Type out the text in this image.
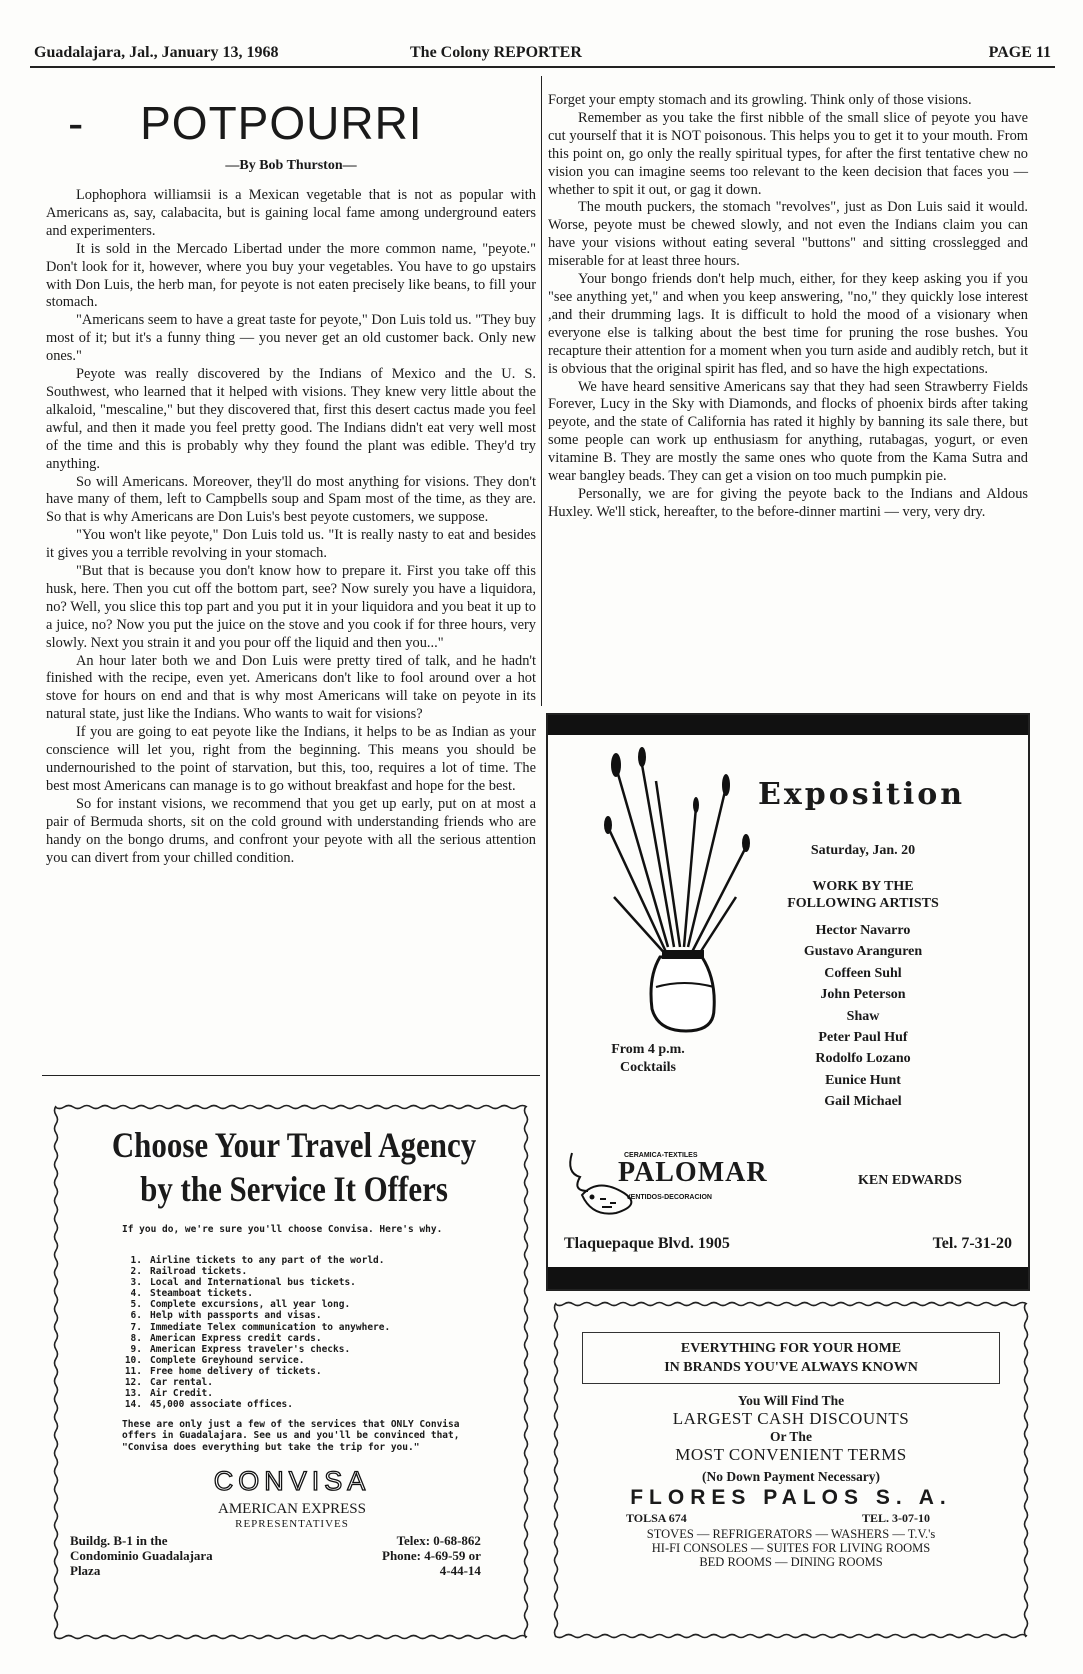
Guadalajara, Jal., January 13, 1968	The Colony REPORTER	PAGE 11
- POTPOURRI
—By Bob Thurston—

Lophophora williamsii is a Mexican vegetable that is not as popular with Americans as, say, calabacita, but is gaining local fame among underground eaters and experimenters.

It is sold in the Mercado Libertad under the more common name, "peyote." Don't look for it, however, where you buy your vegetables. You have to go upstairs with Don Luis, the herb man, for peyote is not eaten precisely like beans, to fill your stomach.

"Americans seem to have a great taste for peyote," Don Luis told us. "They buy most of it; but it's a funny thing — you never get an old customer back. Only new ones."

Peyote was really discovered by the Indians of Mexico and the U. S. Southwest, who learned that it helped with visions. They knew very little about the alkaloid, "mescaline," but they discovered that, first this desert cactus made you feel awful, and then it made you feel pretty good. The Indians didn't eat very well most of the time and this is probably why they found the plant was edible. They'd try anything.

So will Americans. Moreover, they'll do most anything for visions. They don't have many of them, left to Campbells soup and Spam most of the time, as they are. So that is why Americans are Don Luis's best peyote customers, we suppose.

"You won't like peyote," Don Luis told us. "It is really nasty to eat and besides it gives you a terrible revolving in your stomach.

"But that is because you don't know how to prepare it. First you take off this husk, here. Then you cut off the bottom part, see? Now surely you have a liquidora, no? Well, you slice this top part and you put it in your liquidora and you beat it up to a juice, no? Now you put the juice on the stove and you cook if for three hours, very slowly. Next you strain it and you pour off the liquid and then you..."

An hour later both we and Don Luis were pretty tired of talk, and he hadn't finished with the recipe, even yet. Americans don't like to fool around over a hot stove for hours on end and that is why most Americans will take on peyote in its natural state, just like the Indians. Who wants to wait for visions?

If you are going to eat peyote like the Indians, it helps to be as Indian as your conscience will let you, right from the beginning. This means you should be undernourished to the point of starvation, but this, too, requires a lot of time. The best most Americans can manage is to go without breakfast and hope for the best.

So for instant visions, we recommend that you get up early, put on at most a pair of Bermuda shorts, sit on the cold ground with understanding friends who are handy on the bongo drums, and confront your peyote with all the serious attention you can divert from your chilled condition.

Forget your empty stomach and its growling. Think only of those visions.

Remember as you take the first nibble of the small slice of peyote you have cut yourself that it is NOT poisonous. This helps you to get it to your mouth. From this point on, go only the really spiritual types, for after the first tentative chew no vision you can imagine seems too relevant to the keen decision that faces you — whether to spit it out, or gag it down.

The mouth puckers, the stomach "revolves", just as Don Luis said it would. Worse, peyote must be chewed slowly, and not even the Indians claim you can have your visions without eating several "buttons" and sitting crosslegged and miserable for at least three hours.

Your bongo friends don't help much, either, for they keep asking you if you "see anything yet," and when you keep answering, "no," they quickly lose interest ,and their drumming lags. It is difficult to hold the mood of a visionary when everyone else is talking about the best time for pruning the rose bushes. You recapture their attention for a moment when you turn aside and audibly retch, but it is obvious that the original spirit has fled, and so have the high expectations.

We have heard sensitive Americans say that they had seen Strawberry Fields Forever, Lucy in the Sky with Diamonds, and flocks of phoenix birds after taking peyote, and the state of California has rated it highly by banning its sale there, but some people can work up enthusiasm for anything, rutabagas, yogurt, or even vitamine B. They are mostly the same ones who quote from the Kama Sutra and wear bangley beads. They can get a vision on too much pumpkin pie.

Personally, we are for giving the peyote back to the Indians and Aldous Huxley. We'll stick, hereafter, to the before-dinner martini — very, very dry.

Exposition
Saturday, Jan. 20
WORK BY THE
FOLLOWING ARTISTS
Hector Navarro
Gustavo Aranguren
Coffeen Suhl
John Peterson
Shaw
Peter Paul Huf
Rodolfo Lozano
Eunice Hunt
Gail Michael
From 4 p.m.
Cocktails
CERAMICA-TEXTILES
VENTIDOS-DECORACION
PALOMAR	KEN EDWARDS
Tlaquepaque Blvd. 1905	Tel. 7-31-20
Choose Your Travel Agency
by the Service It Offers
If you do, we're sure you'll choose Convisa. Here's why.
1. Airline tickets to any part of the world.
2. Railroad tickets.
3. Local and International bus tickets.
4. Steamboat tickets.
5. Complete excursions, all year long.
6. Help with passports and visas.
7. Immediate Telex communication to anywhere.
8. American Express credit cards.
9. American Express traveler's checks.
10. Complete Greyhound service.
11. Free home delivery of tickets.
12. Car rental.
13. Air Credit.
14. 45,000 associate offices.
These are only just a few of the services that ONLY Convisa offers in Guadalajara. See us and you'll be convinced that, "Convisa does everything but take the trip for you."
CONVISA
AMERICAN EXPRESS
REPRESENTATIVES
Buildg. B-1 in the
Condominio Guadalajara
Plaza
Telex: 0-68-862
Phone: 4-69-59 or
4-44-14
EVERYTHING FOR YOUR HOME
IN BRANDS YOU'VE ALWAYS KNOWN
You Will Find The
LARGEST CASH DISCOUNTS
Or The
MOST CONVENIENT TERMS
(No Down Payment Necessary)
FLORES PALOS S. A.
TOLSA 674	TEL. 3-07-10
STOVES — REFRIGERATORS — WASHERS — T.V.'s
HI-FI CONSOLES — SUITES FOR LIVING ROOMS
BED ROOMS — DINING ROOMS
